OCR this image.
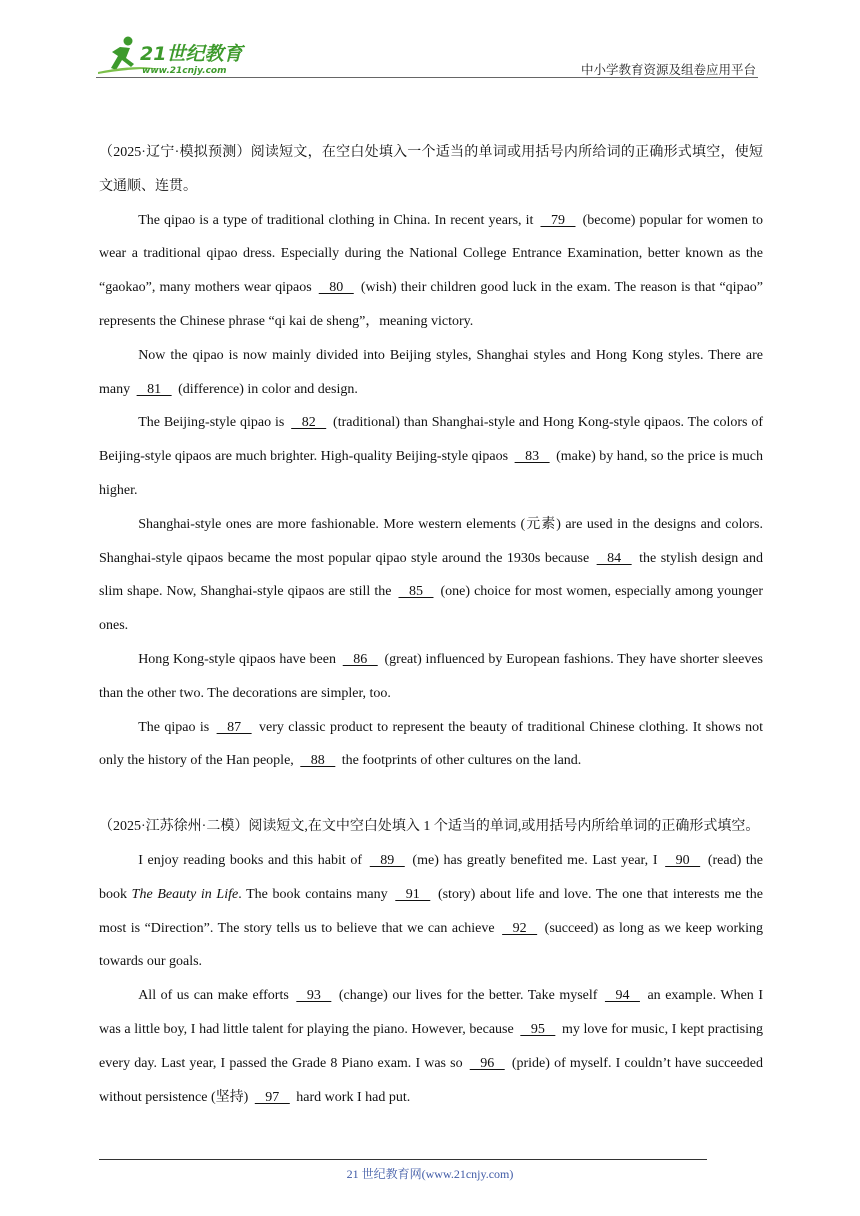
21世纪教育
www.21cnjy.com	中小学教育资源及组卷应用平台

（2025·辽宁·模拟预测）阅读短文，在空白处填入一个适当的单词或用括号内所给词的正确形式填空，使短文通顺、连贯。

The qipao is a type of traditional clothing in China. In recent years, it    79    (become) popular for women to wear a traditional qipao dress. Especially during the National College Entrance Examination, better known as the “gaokao”, many mothers wear qipaos    80    (wish) their children good luck in the exam. The reason is that “qipao” represents the Chinese phrase “qi kai de sheng”，meaning victory.

Now the qipao is now mainly divided into Beijing styles, Shanghai styles and Hong Kong styles. There are many    81    (difference) in color and design.

The Beijing-style qipao is    82    (traditional) than Shanghai-style and Hong Kong-style qipaos. The colors of Beijing-style qipaos are much brighter. High-quality Beijing-style qipaos    83    (make) by hand, so the price is much higher.

Shanghai-style ones are more fashionable. More western elements (元素) are used in the designs and colors. Shanghai-style qipaos became the most popular qipao style around the 1930s because    84    the stylish design and slim shape. Now, Shanghai-style qipaos are still the    85    (one) choice for most women, especially among younger ones.

Hong Kong-style qipaos have been    86    (great) influenced by European fashions. They have shorter sleeves than the other two. The decorations are simpler, too.

The qipao is    87    very classic product to represent the beauty of traditional Chinese clothing. It shows not only the history of the Han people,    88    the footprints of other cultures on the land.

（2025·江苏徐州·二模）阅读短文,在文中空白处填入 1 个适当的单词,或用括号内所给单词的正确形式填空。

I enjoy reading books and this habit of    89    (me) has greatly benefited me. Last year, I    90    (read) the book The Beauty in Life. The book contains many    91    (story) about life and love. The one that interests me the most is “Direction”. The story tells us to believe that we can achieve    92    (succeed) as long as we keep working towards our goals.

All of us can make efforts    93    (change) our lives for the better. Take myself    94    an example. When I was a little boy, I had little talent for playing the piano. However, because    95    my love for music, I kept practising every day. Last year, I passed the Grade 8 Piano exam. I was so    96    (pride) of myself. I couldn’t have succeeded without persistence (坚持)    97    hard work I had put.

21 世纪教育网(www.21cnjy.com)
